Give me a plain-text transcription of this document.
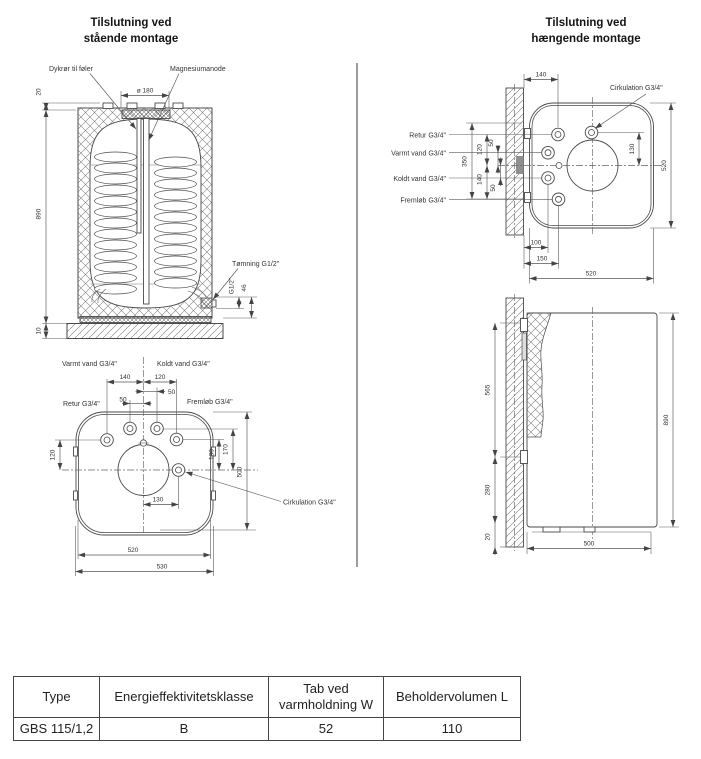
Tilslutning ved
stående montage
Tilslutning ved
hængende montage
Dykrør til føler	Magnesiumanode
ø 180
20
890
10
Tømning G1/2"
G1/2" 46
Varmt vand G3/4"	Koldt vand G3/4"
Retur G3/4"	Fremløb G3/4"
Cirkulation G3/4"
140	120
50
50
120	130 170
500
130
520
530
Cirkulation G3/4"
Retur G3/4"
Varmt vand G3/4"
Koldt vand G3/4"
Fremløb G3/4"
140
350
120
50
140
50
130
520
100
150
520
565
280
20
890
500
Type	Energieffektivitetsklasse	Tab ved varmholdning W	Beholdervolumen L
GBS 115/1,2	B	52	110
